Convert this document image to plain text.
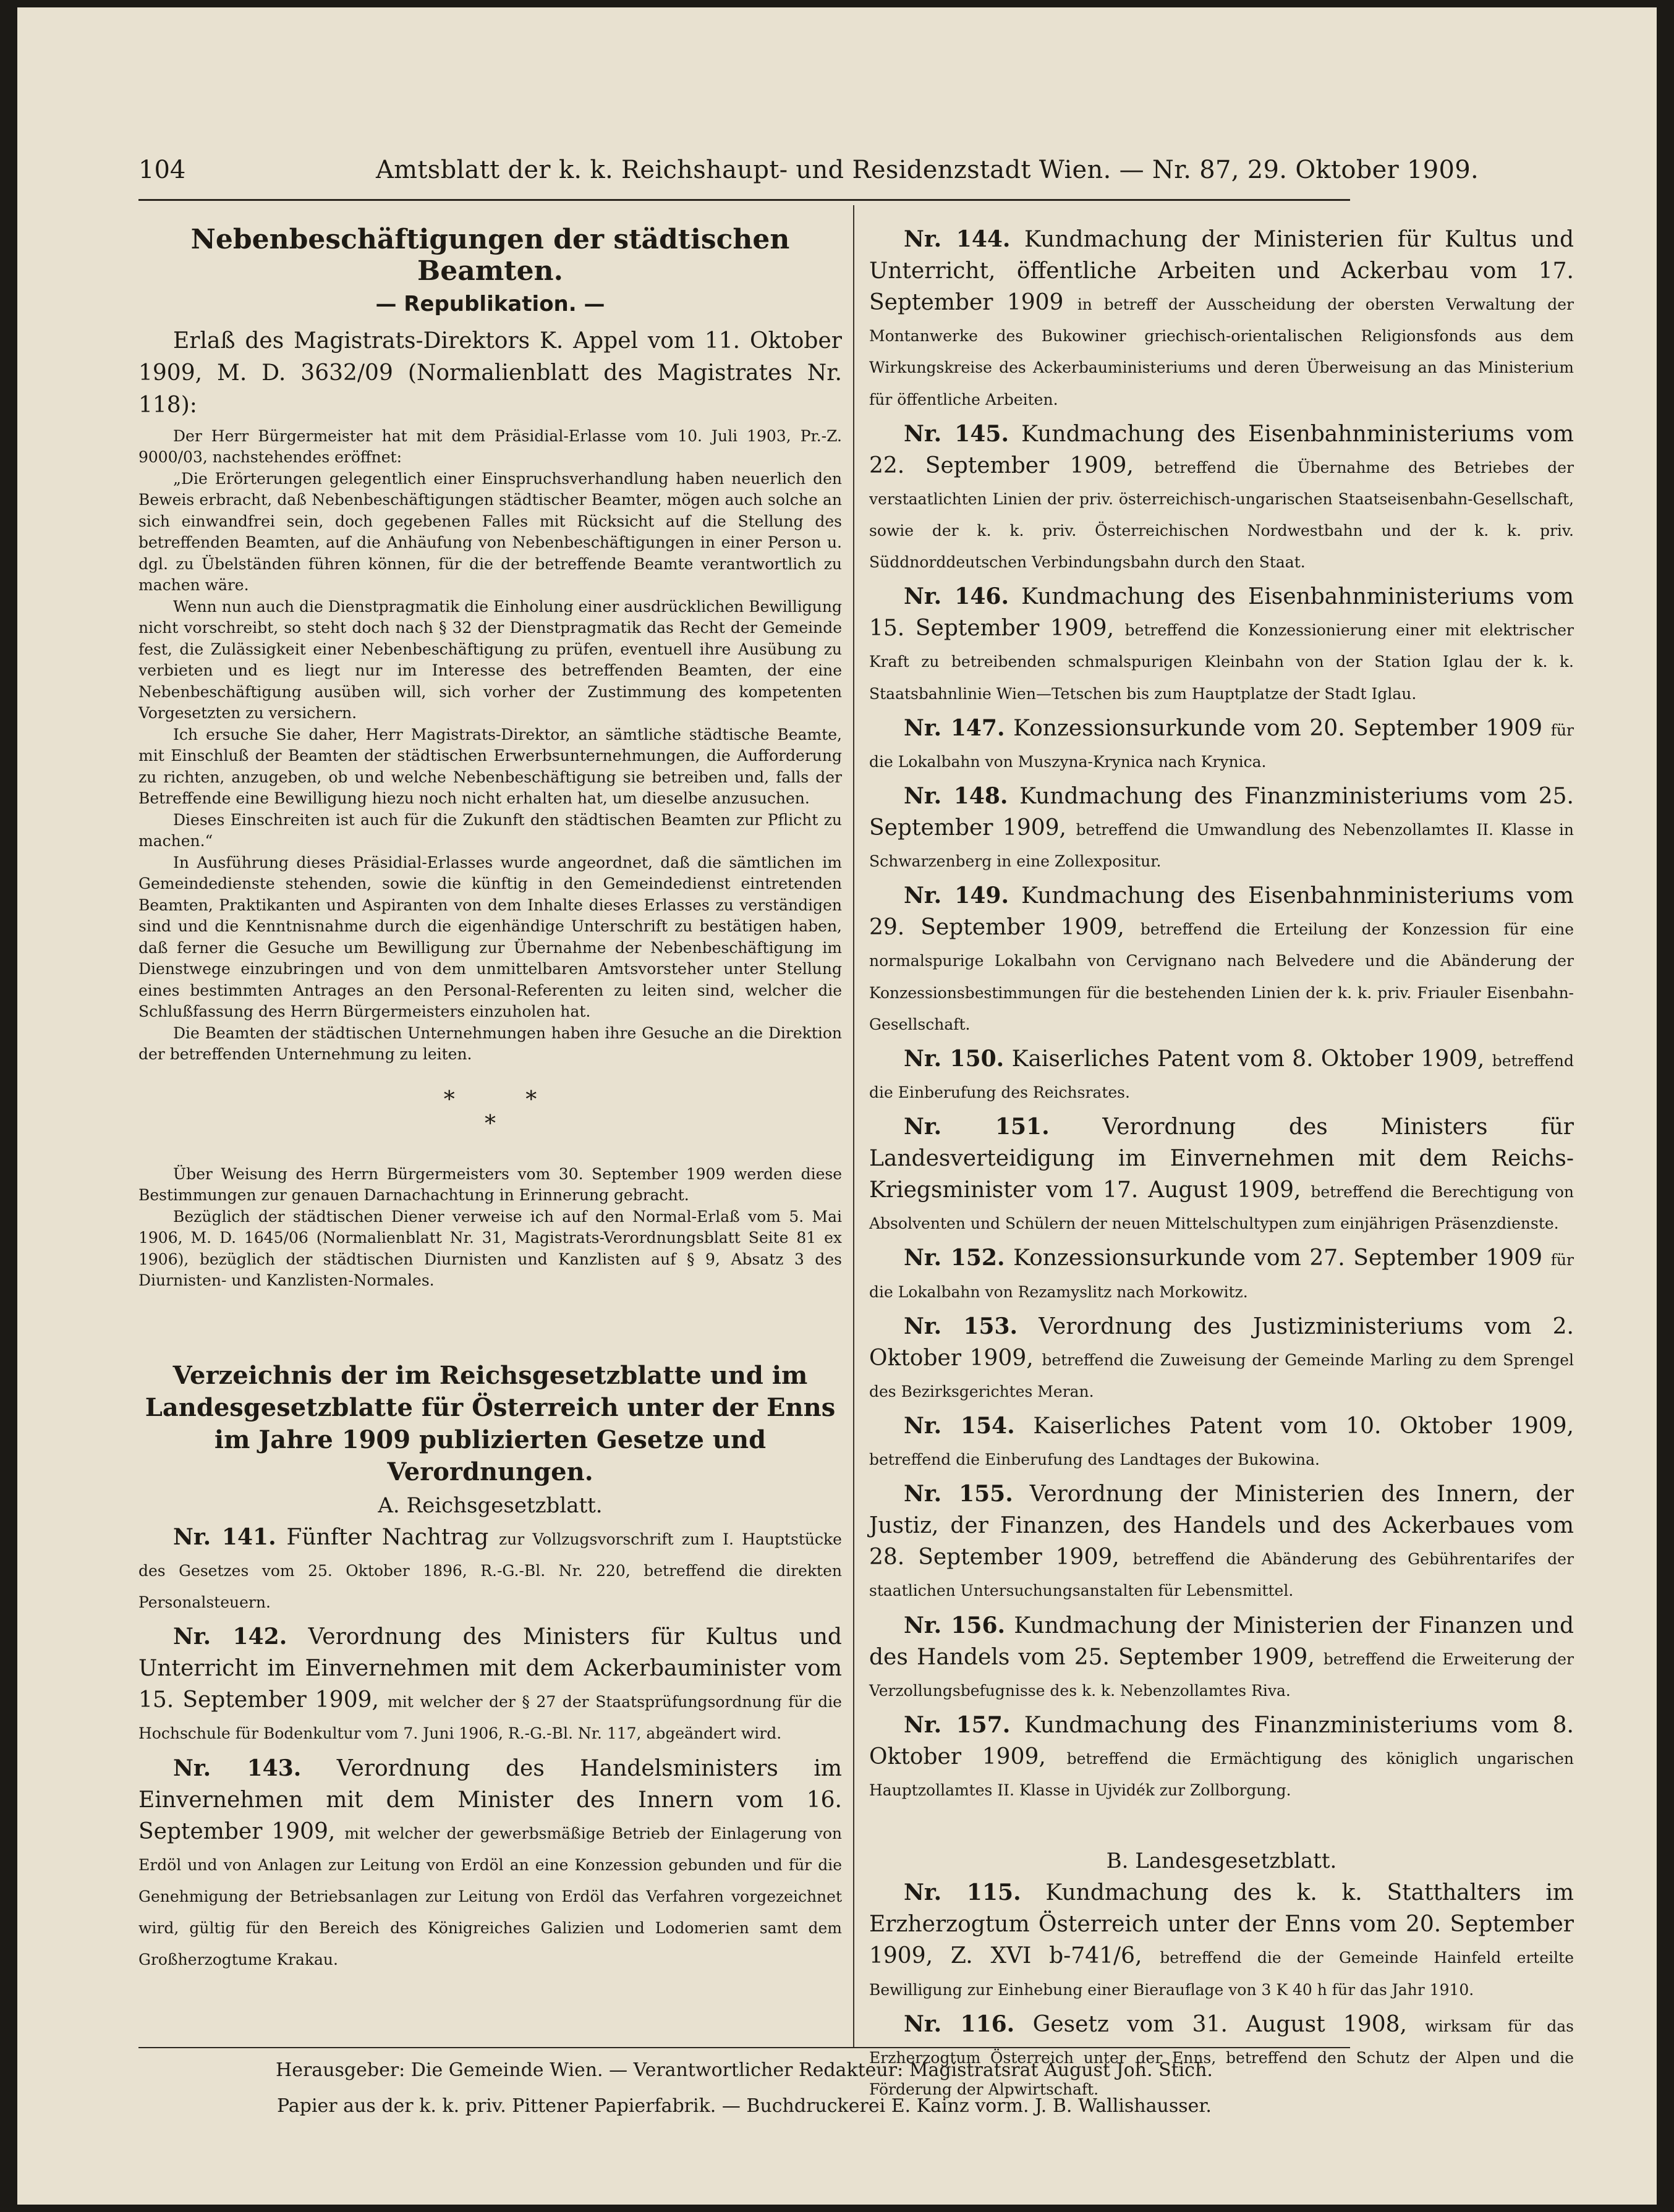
104	Amtsblatt der k. k. Reichshaupt- und Residenzstadt Wien. — Nr. 87, 29. Oktober 1909.
Nebenbeschäftigungen der städtischen Beamten.
— Republikation. —

Erlaß des Magistrats-Direktors K. Appel vom 11. Oktober 1909, M. D. 3632/09 (Normalienblatt des Magistrates Nr. 118):

Der Herr Bürgermeister hat mit dem Präsidial-Erlasse vom 10. Juli 1903, Pr.-Z. 9000/03, nachstehendes eröffnet:

„Die Erörterungen gelegentlich einer Einspruchsverhandlung haben neuerlich den Beweis erbracht, daß Nebenbeschäftigungen städtischer Beamter, mögen auch solche an sich einwandfrei sein, doch gegebenen Falles mit Rücksicht auf die Stellung des betreffenden Beamten, auf die Anhäufung von Nebenbeschäftigungen in einer Person u. dgl. zu Übelständen führen können, für die der betreffende Beamte verantwortlich zu machen wäre.

Wenn nun auch die Dienstpragmatik die Einholung einer ausdrücklichen Bewilligung nicht vorschreibt, so steht doch nach § 32 der Dienstpragmatik das Recht der Gemeinde fest, die Zulässigkeit einer Nebenbeschäftigung zu prüfen, eventuell ihre Ausübung zu verbieten und es liegt nur im Interesse des betreffenden Beamten, der eine Nebenbeschäftigung ausüben will, sich vorher der Zustimmung des kompetenten Vorgesetzten zu versichern.

Ich ersuche Sie daher, Herr Magistrats-Direktor, an sämtliche städtische Beamte, mit Einschluß der Beamten der städtischen Erwerbsunternehmungen, die Aufforderung zu richten, anzugeben, ob und welche Nebenbeschäftigung sie betreiben und, falls der Betreffende eine Bewilligung hiezu noch nicht erhalten hat, um dieselbe anzusuchen.

Dieses Einschreiten ist auch für die Zukunft den städtischen Beamten zur Pflicht zu machen.“

In Ausführung dieses Präsidial-Erlasses wurde angeordnet, daß die sämtlichen im Gemeindedienste stehenden, sowie die künftig in den Gemeindedienst eintretenden Beamten, Praktikanten und Aspiranten von dem Inhalte dieses Erlasses zu verständigen sind und die Kenntnisnahme durch die eigenhändige Unterschrift zu bestätigen haben, daß ferner die Gesuche um Bewilligung zur Übernahme der Nebenbeschäftigung im Dienstwege einzubringen und von dem unmittelbaren Amtsvorsteher unter Stellung eines bestimmten Antrages an den Personal-Referenten zu leiten sind, welcher die Schlußfassung des Herrn Bürgermeisters einzuholen hat.

Die Beamten der städtischen Unternehmungen haben ihre Gesuche an die Direktion der betreffenden Unternehmung zu leiten.

*          *
*

Über Weisung des Herrn Bürgermeisters vom 30. September 1909 werden diese Bestimmungen zur genauen Darnachachtung in Erinnerung gebracht.

Bezüglich der städtischen Diener verweise ich auf den Normal-Erlaß vom 5. Mai 1906, M. D. 1645/06 (Normalienblatt Nr. 31, Magistrats-Verordnungsblatt Seite 81 ex 1906), bezüglich der städtischen Diurnisten und Kanzlisten auf § 9, Absatz 3 des Diurnisten- und Kanzlisten-Normales.

Verzeichnis der im Reichsgesetzblatte und im Landesgesetzblatte für Österreich unter der Enns im Jahre 1909 publizierten Gesetze und Verordnungen.
A. Reichsgesetzblatt.

Nr. 141. Fünfter Nachtrag zur Vollzugsvorschrift zum I. Hauptstücke des Gesetzes vom 25. Oktober 1896, R.-G.-Bl. Nr. 220, betreffend die direkten Personalsteuern.

Nr. 142. Verordnung des Ministers für Kultus und Unterricht im Einvernehmen mit dem Ackerbauminister vom 15. September 1909, mit welcher der § 27 der Staatsprüfungsordnung für die Hochschule für Bodenkultur vom 7. Juni 1906, R.-G.-Bl. Nr. 117, abgeändert wird.

Nr. 143. Verordnung des Handelsministers im Einvernehmen mit dem Minister des Innern vom 16. September 1909, mit welcher der gewerbsmäßige Betrieb der Einlagerung von Erdöl und von Anlagen zur Leitung von Erdöl an eine Konzession gebunden und für die Genehmigung der Betriebsanlagen zur Leitung von Erdöl das Verfahren vorgezeichnet wird, gültig für den Bereich des Königreiches Galizien und Lodomerien samt dem Großherzogtume Krakau.

Nr. 144. Kundmachung der Ministerien für Kultus und Unterricht, öffentliche Arbeiten und Ackerbau vom 17. September 1909 in betreff der Ausscheidung der obersten Verwaltung der Montanwerke des Bukowiner griechisch-orientalischen Religionsfonds aus dem Wirkungskreise des Ackerbauministeriums und deren Überweisung an das Ministerium für öffentliche Arbeiten.

Nr. 145. Kundmachung des Eisenbahnministeriums vom 22. September 1909, betreffend die Übernahme des Betriebes der verstaatlichten Linien der priv. österreichisch-ungarischen Staatseisenbahn-Gesellschaft, sowie der k. k. priv. Österreichischen Nordwestbahn und der k. k. priv. Süddnorddeutschen Verbindungsbahn durch den Staat.

Nr. 146. Kundmachung des Eisenbahnministeriums vom 15. September 1909, betreffend die Konzessionierung einer mit elektrischer Kraft zu betreibenden schmalspurigen Kleinbahn von der Station Iglau der k. k. Staatsbahnlinie Wien—Tetschen bis zum Hauptplatze der Stadt Iglau.

Nr. 147. Konzessionsurkunde vom 20. September 1909 für die Lokalbahn von Muszyna-Krynica nach Krynica.

Nr. 148. Kundmachung des Finanzministeriums vom 25. September 1909, betreffend die Umwandlung des Nebenzollamtes II. Klasse in Schwarzenberg in eine Zollexpositur.

Nr. 149. Kundmachung des Eisenbahnministeriums vom 29. September 1909, betreffend die Erteilung der Konzession für eine normalspurige Lokalbahn von Cervignano nach Belvedere und die Abänderung der Konzessionsbestimmungen für die bestehenden Linien der k. k. priv. Friauler Eisenbahn-Gesellschaft.

Nr. 150. Kaiserliches Patent vom 8. Oktober 1909, betreffend die Einberufung des Reichsrates.

Nr. 151. Verordnung des Ministers für Landesverteidigung im Einvernehmen mit dem Reichs-Kriegsminister vom 17. August 1909, betreffend die Berechtigung von Absolventen und Schülern der neuen Mittelschultypen zum einjährigen Präsenzdienste.

Nr. 152. Konzessionsurkunde vom 27. September 1909 für die Lokalbahn von Rezamyslitz nach Morkowitz.

Nr. 153. Verordnung des Justizministeriums vom 2. Oktober 1909, betreffend die Zuweisung der Gemeinde Marling zu dem Sprengel des Bezirksgerichtes Meran.

Nr. 154. Kaiserliches Patent vom 10. Oktober 1909, betreffend die Einberufung des Landtages der Bukowina.

Nr. 155. Verordnung der Ministerien des Innern, der Justiz, der Finanzen, des Handels und des Ackerbaues vom 28. September 1909, betreffend die Abänderung des Gebührentarifes der staatlichen Untersuchungsanstalten für Lebensmittel.

Nr. 156. Kundmachung der Ministerien der Finanzen und des Handels vom 25. September 1909, betreffend die Erweiterung der Verzollungsbefugnisse des k. k. Nebenzollamtes Riva.

Nr. 157. Kundmachung des Finanzministeriums vom 8. Oktober 1909, betreffend die Ermächtigung des königlich ungarischen Hauptzollamtes II. Klasse in Ujvidék zur Zollborgung.

B. Landesgesetzblatt.

Nr. 115. Kundmachung des k. k. Statthalters im Erzherzogtum Österreich unter der Enns vom 20. September 1909, Z. XVI b-741/6, betreffend die der Gemeinde Hainfeld erteilte Bewilligung zur Einhebung einer Bierauflage von 3 K 40 h für das Jahr 1910.

Nr. 116. Gesetz vom 31. August 1908, wirksam für das Erzherzogtum Österreich unter der Enns, betreffend den Schutz der Alpen und die Förderung der Alpwirtschaft.

Herausgeber: Die Gemeinde Wien. — Verantwortlicher Redakteur: Magistratsrat August Joh. Stich.
Papier aus der k. k. priv. Pittener Papierfabrik. — Buchdruckerei E. Kainz vorm. J. B. Wallishausser.
